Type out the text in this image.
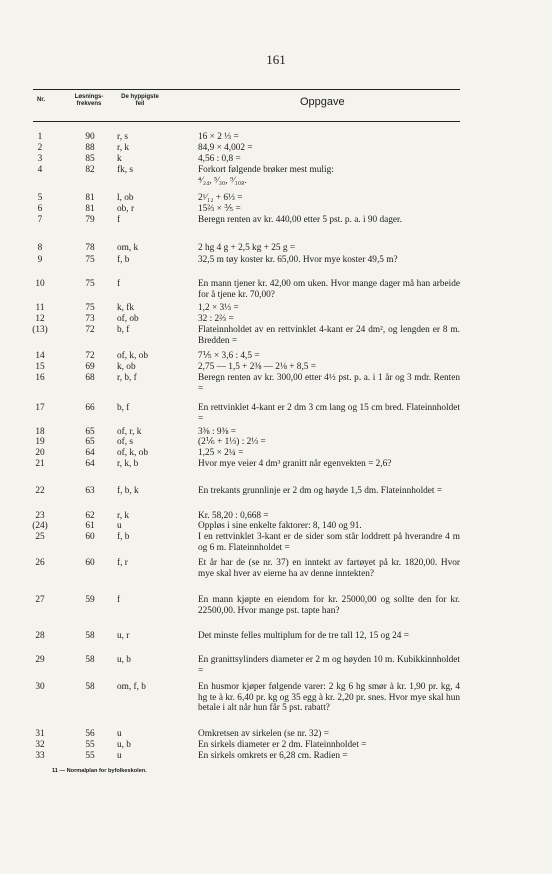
161
Nr.	Løsnings-
frekvens
De hyppigste
feil	Oppgave
1	90	r, s	16 × 2 ⅓ =
2	88	r, k	84,9 × 4,002 =
3	85	k	4,56 : 0,8 =
4	82	fk, s	Forkort følgende brøker mest mulig:
⁴⁄₂₄, ⁵⁄₃₀, ⁹⁄₁₀₈.
5	81	l, ob	2¹⁄₁₂ + 6⅓ =
6	81	ob, r	15⅔ × ⅗ =
7	79	f	Beregn renten av kr. 440,00 etter 5 pst. p. a. i 90 dager.
8	78	om, k	2 hg 4 g + 2,5 kg + 25 g =
9	75	f, b	32,5 m tøy koster kr. 65,00. Hvor mye koster 49,5 m?
10	75	f	En mann tjener kr. 42,00 om uken. Hvor mange dager må han arbeide for å tjene kr. 70,00?
11	75	k, fk	1,2 × 3⅓ =
12	73	of, ob	32 : 2⅔ =
(13)	72	b, f	Flateinnholdet av en rettvinklet 4-kant er 24 dm², og lengden er 8 m. Bredden =
14	72	of, k, ob	7⅕ × 3,6 : 4,5 =
15	69	k, ob	2,75 — 1,5 + 2⅜ — 2⅛ + 8,5 =
16	68	r, b, f	Beregn renten av kr. 300,00 etter 4½ pst. p. a. i 1 år og 3 mdr. Renten =
17	66	b, f	En rettvinklet 4-kant er 2 dm 3 cm lang og 15 cm bred. Flateinnholdet =
18	65	of, r, k	3⅜ : 9⅜ =
19	65	of, s	(2⅙ + 1⅓) : 2⅓ =
20	64	of, k, ob	1,25 × 2¼ =
21	64	r, k, b	Hvor mye veier 4 dm³ granitt når egenvekten = 2,6?
22	63	f, b, k	En trekants grunnlinje er 2 dm og høyde 1,5 dm. Flateinnholdet =
23	62	r, k	Kr. 58,20 : 0,668 =
(24)	61	u	Oppløs i sine enkelte faktorer: 8, 140 og 91.
25	60	f, b	I en rettvinklet 3-kant er de sider som står loddrett på hverandre 4 m og 6 m. Flateinnholdet =
26	60	f, r	Et år har de (se nr. 37) en inntekt av fartøyet på kr. 1820,00. Hvor mye skal hver av eierne ha av denne inntekten?
27	59	f	En mann kjøpte en eiendom for kr. 25000,00 og sollte den for kr. 22500,00. Hvor mange pst. tapte han?
28	58	u, r	Det minste felles multiplum for de tre tall 12, 15 og 24 =
29	58	u, b	En granittsylinders diameter er 2 m og høyden 10 m. Kubikkinnholdet =
30	58	om, f, b	En husmor kjøper følgende varer: 2 kg 6 hg smør à kr. 1,90 pr. kg, 4 hg te à kr. 6,40 pr. kg og 35 egg à kr. 2,20 pr. snes. Hvor mye skal hun betale i alt når hun får 5 pst. rabatt?
31	56	u	Omkretsen av sirkelen (se nr. 32) =
32	55	u, b	En sirkels diameter er 2 dm. Flateinnholdet =
33	55	u	En sirkels omkrets er 6,28 cm. Radien =
11 — Normalplan for byfolkeskolen.
